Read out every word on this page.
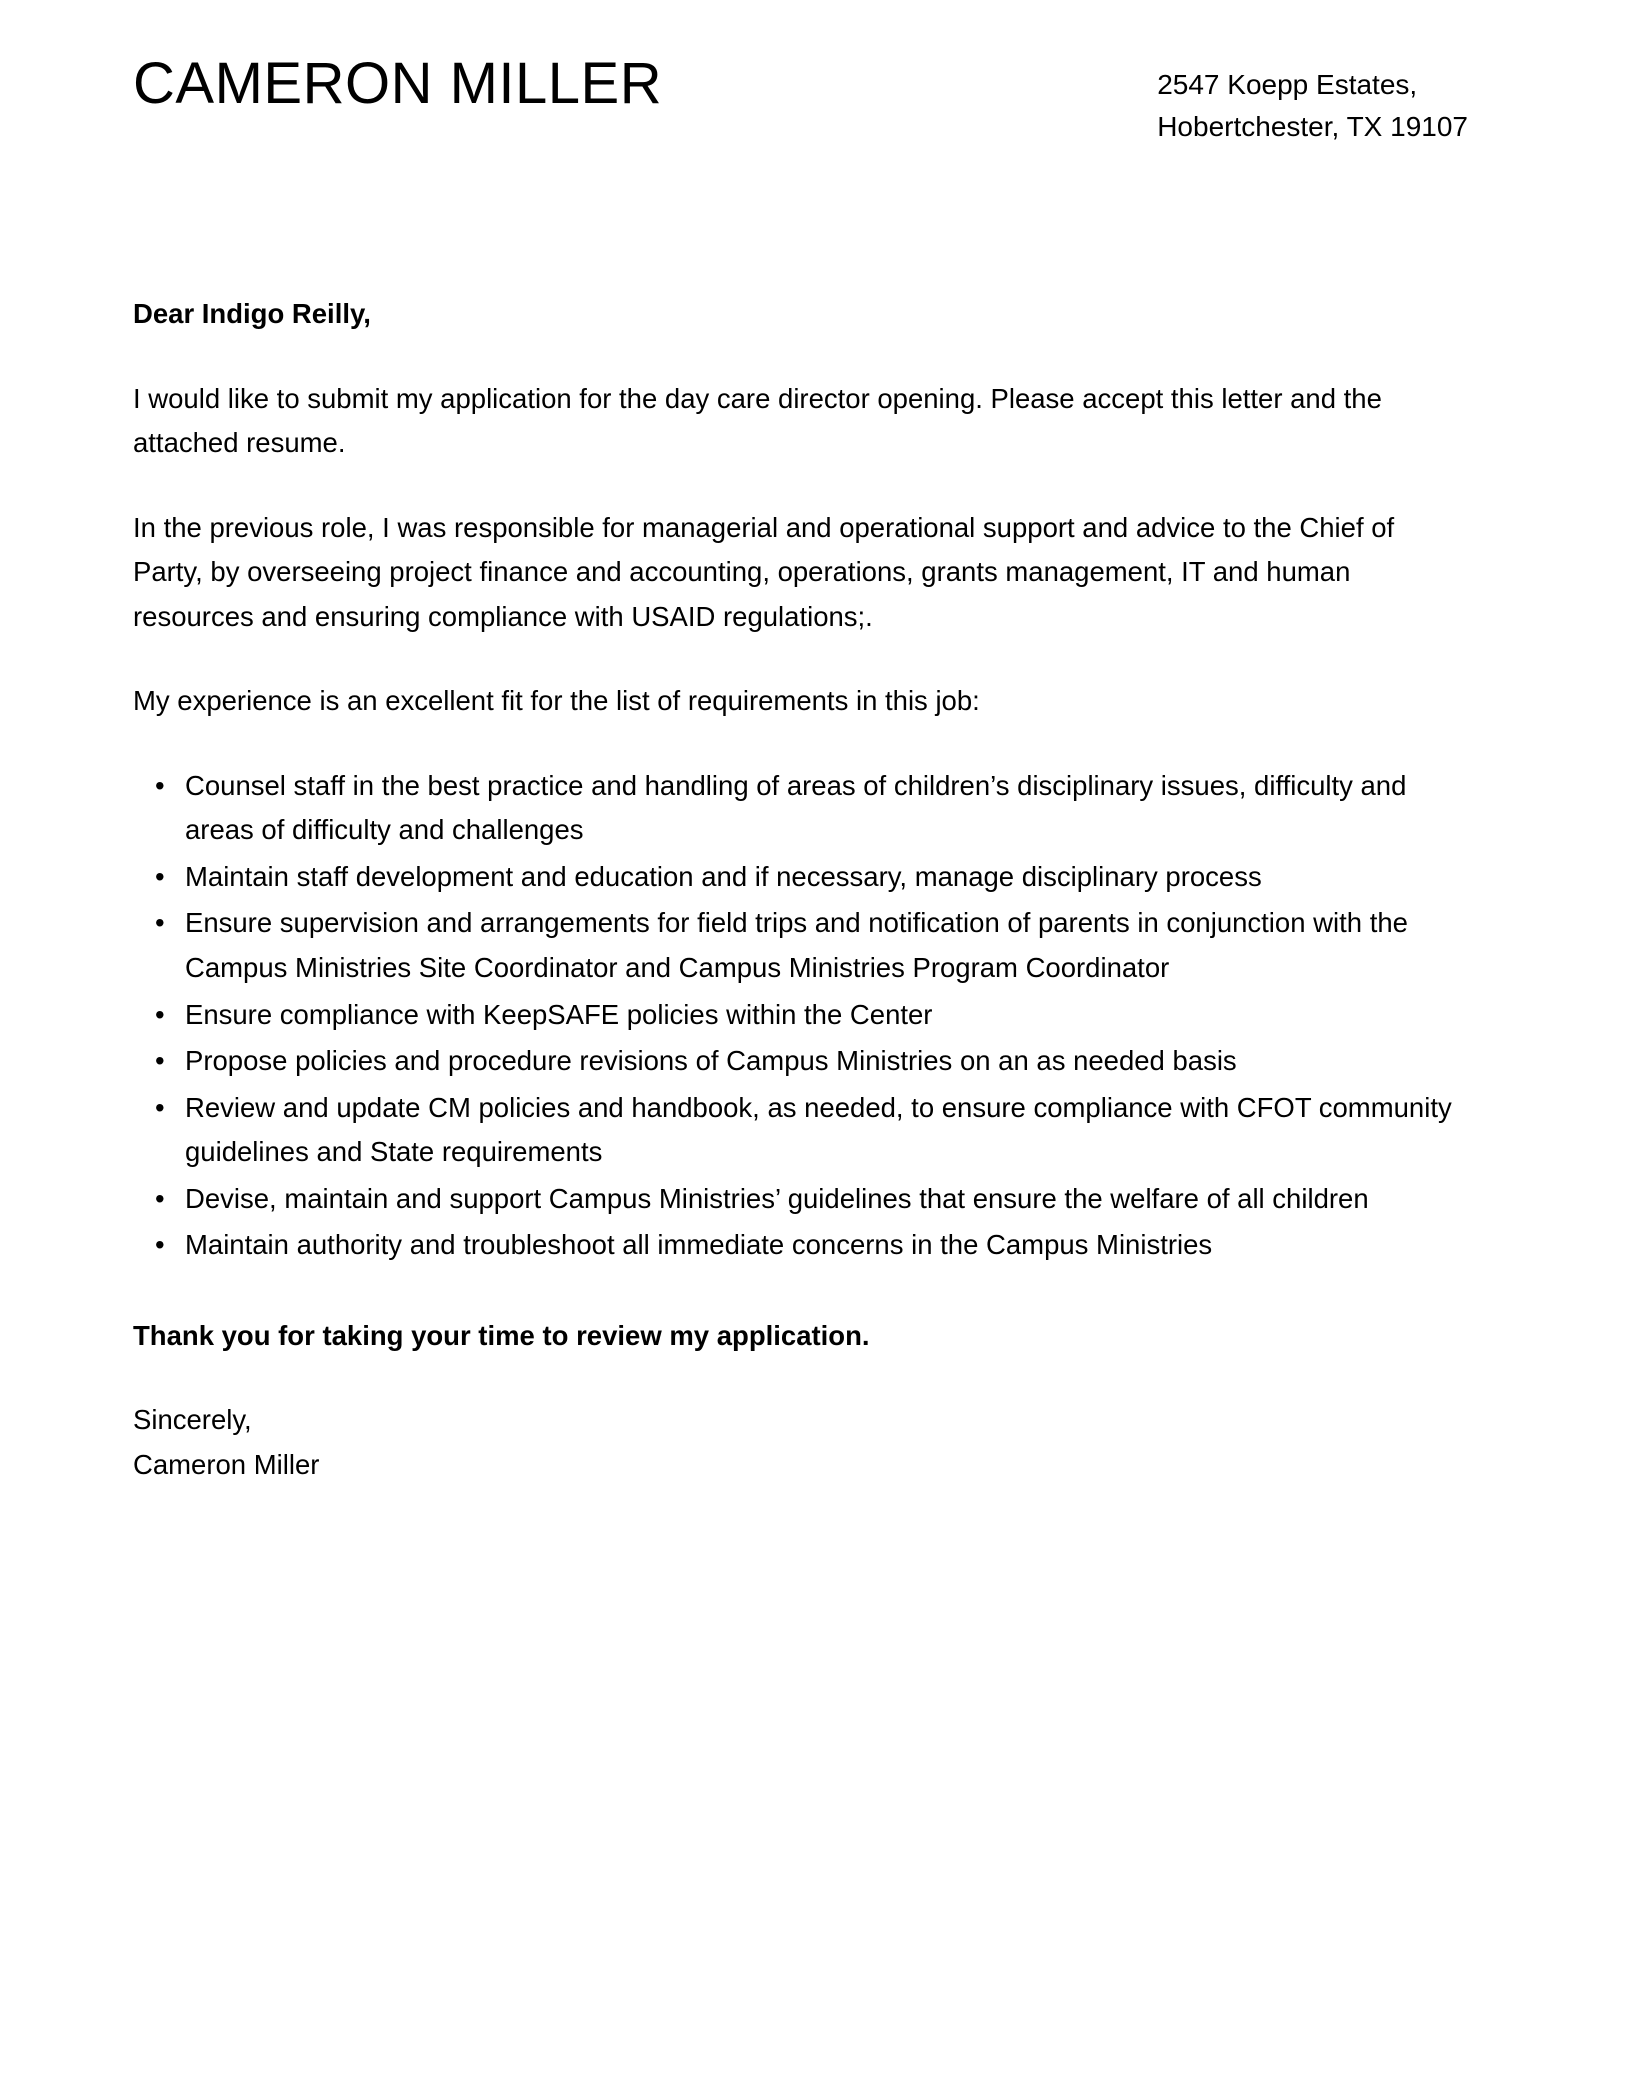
CAMERON MILLER	2547 Koepp Estates,
Hobertchester, TX 19107

Dear Indigo Reilly,

I would like to submit my application for the day care director opening. Please accept this letter and the attached resume.

In the previous role, I was responsible for managerial and operational support and advice to the Chief of Party, by overseeing project finance and accounting, operations, grants management, IT and human resources and ensuring compliance with USAID regulations;.

My experience is an excellent fit for the list of requirements in this job:

• Counsel staff in the best practice and handling of areas of children’s disciplinary issues, difficulty and areas of difficulty and challenges
• Maintain staff development and education and if necessary, manage disciplinary process
• Ensure supervision and arrangements for field trips and notification of parents in conjunction with the Campus Ministries Site Coordinator and Campus Ministries Program Coordinator
• Ensure compliance with KeepSAFE policies within the Center
• Propose policies and procedure revisions of Campus Ministries on an as needed basis
• Review and update CM policies and handbook, as needed, to ensure compliance with CFOT community guidelines and State requirements
• Devise, maintain and support Campus Ministries’ guidelines that ensure the welfare of all children
• Maintain authority and troubleshoot all immediate concerns in the Campus Ministries

Thank you for taking your time to review my application.

Sincerely,
Cameron Miller
